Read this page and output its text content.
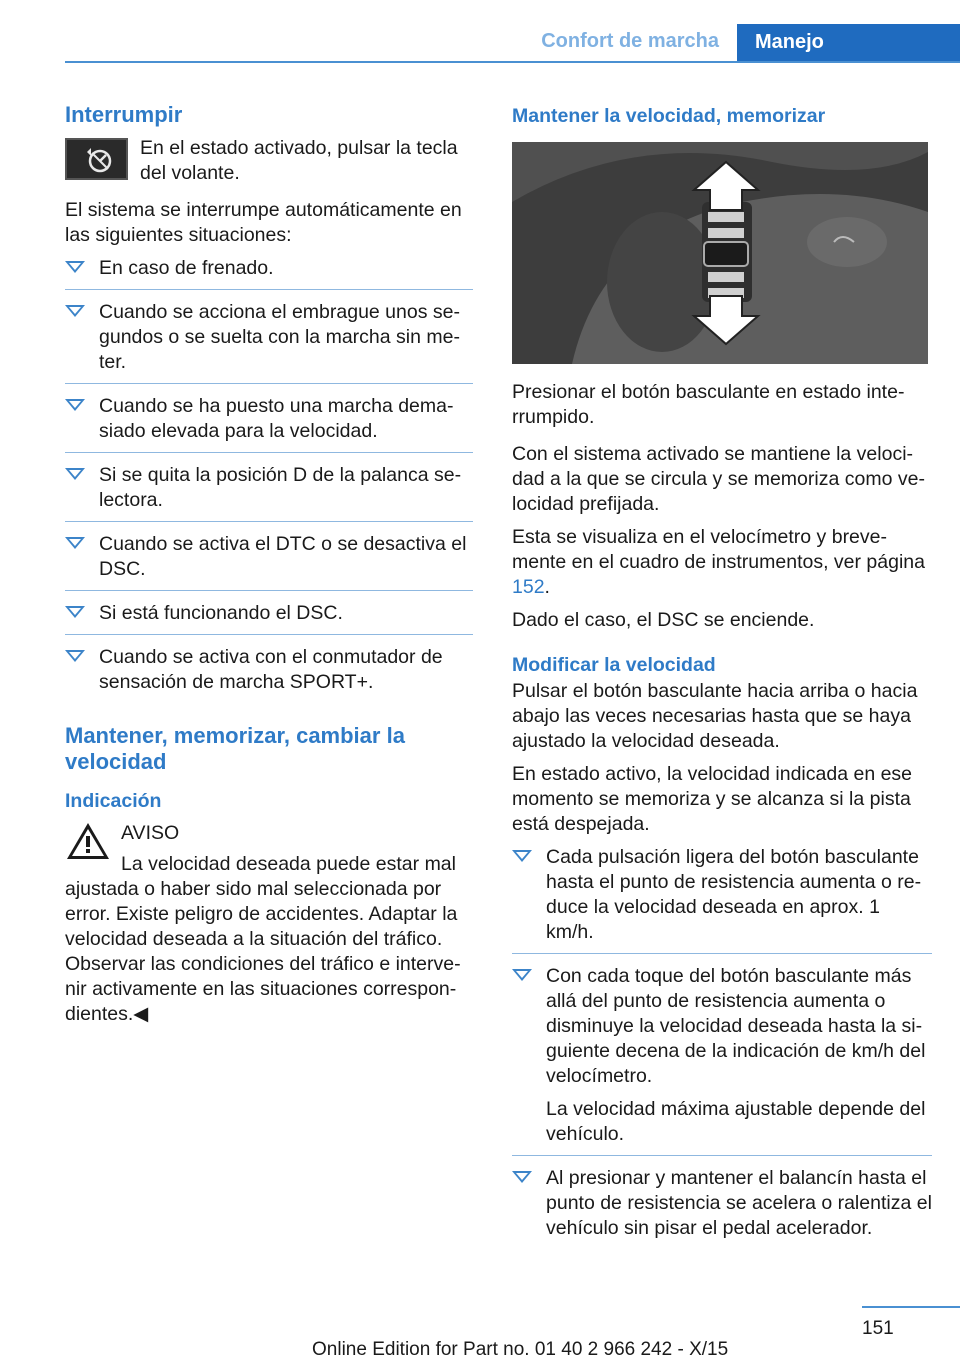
Confort de marcha Manejo
Interrumpir

En el estado activado, pulsar la tecla del volante.

El sistema se interrumpe automáticamente en las siguientes situaciones:

En caso de frenado.
Cuando se acciona el embrague unos segundos o se suelta con la marcha sin meter.
Cuando se ha puesto una marcha demasiado elevada para la velocidad.
Si se quita la posición D de la palanca selectora.
Cuando se activa el DTC o se desactiva el DSC.
Si está funcionando el DSC.
Cuando se activa con el conmutador de sensación de marcha SPORT+.
Mantener, memorizar, cambiar la velocidad
Indicación

AVISO

La velocidad deseada puede estar mal ajustada o haber sido mal seleccionada por error. Existe peligro de accidentes. Adaptar la velocidad deseada a la situación del tráfico. Observar las condiciones del tráfico e intervenir activamente en las situaciones correspondientes.◀

Mantener la velocidad, memorizar

Presionar el botón basculante en estado interrumpido.

Con el sistema activado se mantiene la velocidad a la que se circula y se memoriza como velocidad prefijada.

Esta se visualiza en el velocímetro y brevemente en el cuadro de instrumentos, ver página 152.

Dado el caso, el DSC se enciende.

Modificar la velocidad

Pulsar el botón basculante hacia arriba o hacia abajo las veces necesarias hasta que se haya ajustado la velocidad deseada.

En estado activo, la velocidad indicada en ese momento se memoriza y se alcanza si la pista está despejada.

Cada pulsación ligera del botón basculante hasta el punto de resistencia aumenta o reduce la velocidad deseada en aprox. 1 km/h.
Con cada toque del botón basculante más allá del punto de resistencia aumenta o disminuye la velocidad deseada hasta la siguiente decena de la indicación de km/h del velocímetro.
La velocidad máxima ajustable depende del vehículo.
Al presionar y mantener el balancín hasta el punto de resistencia se acelera o ralentiza el vehículo sin pisar el pedal acelerador.
151
Online Edition for Part no. 01 40 2 966 242 - X/15
